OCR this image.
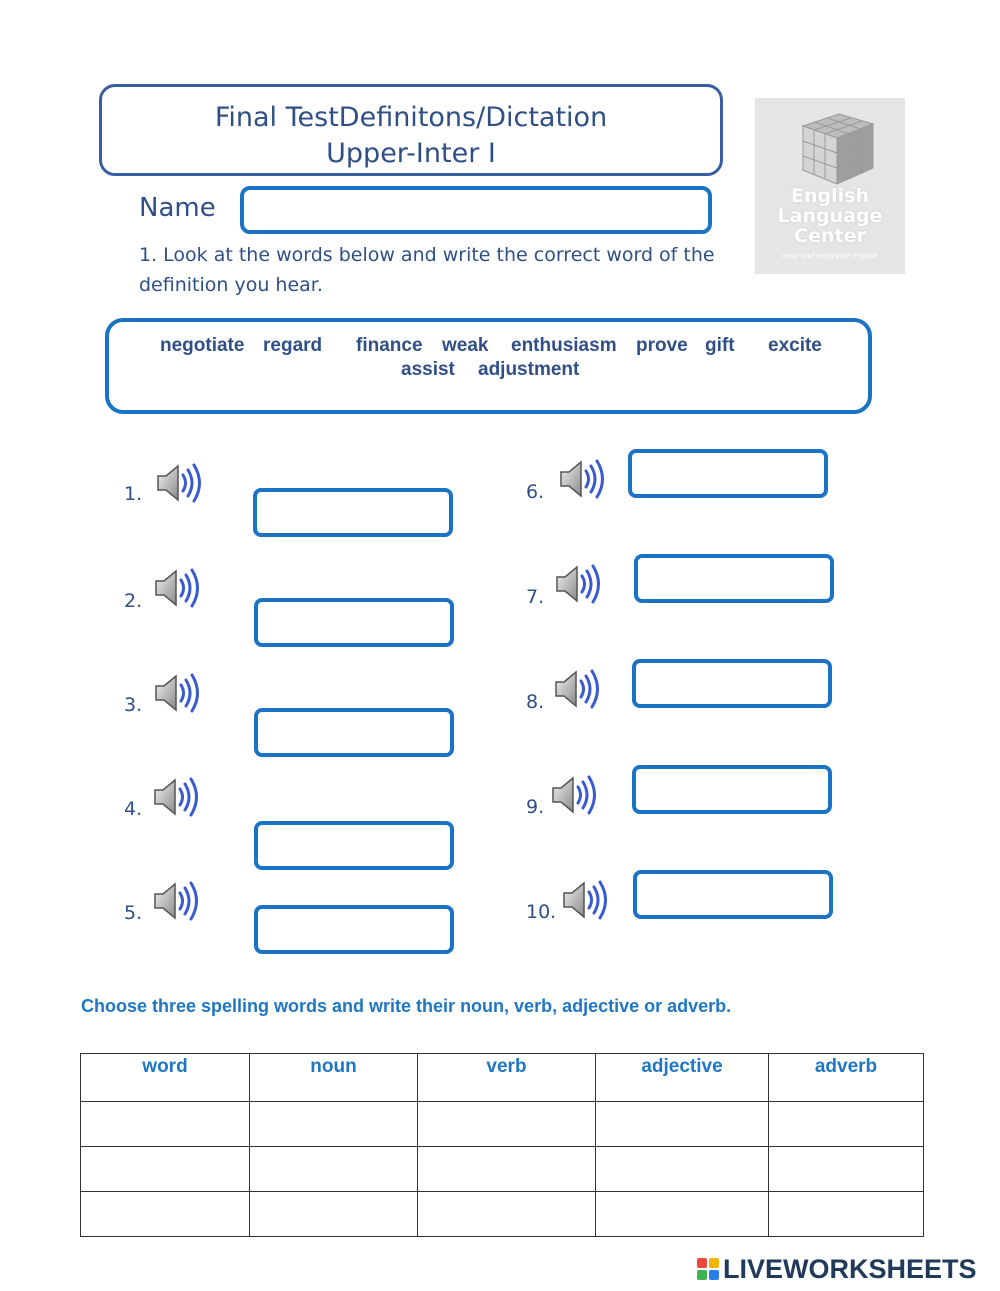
Final TestDefinitons/Dictation
Upper-Inter I
English
Language
Center
easy and enjoyable English
Name
1. Look at the words below and write the correct word of the definition you hear.
negotiate regard finance weak enthusiasm prove gift excite
assist adjustment
1.
2.
3.
4.
5.
6.
7.
8.
9.
10.
Choose three spelling words and write their noun, verb, adjective or adverb.
word	noun	verb	adjective	adverb

LIVEWORKSHEETS
